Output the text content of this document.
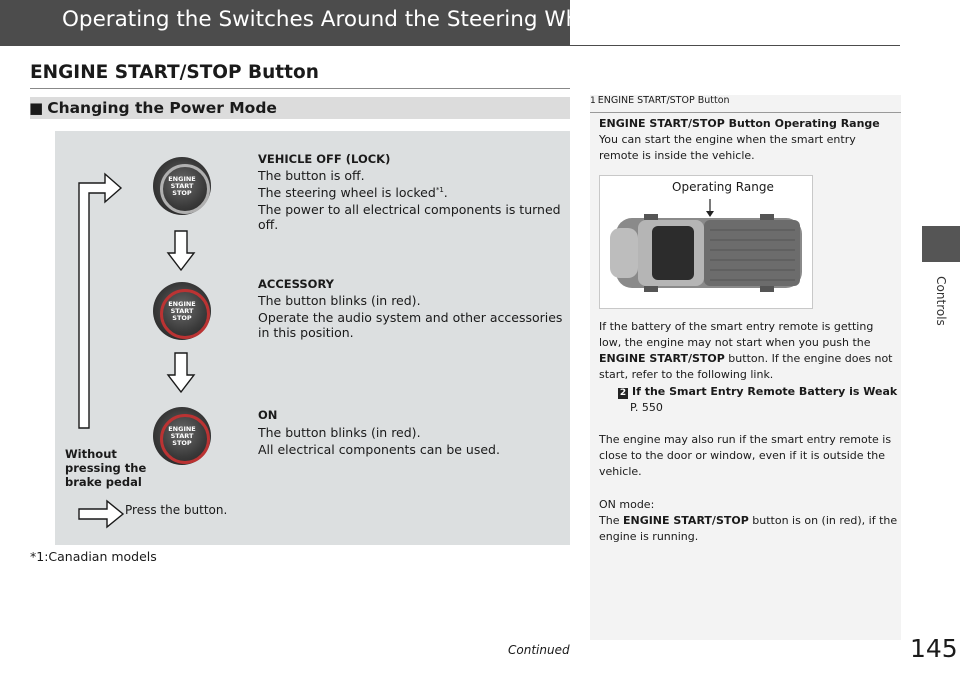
Operating the Switches Around the Steering Wheel
Controls
ENGINE START/STOP Button
■ Changing the Power Mode
ENGINE
START
STOP
ENGINE
START
STOP
ENGINE
START
STOP
VEHICLE OFF (LOCK)
The button is off.
The steering wheel is locked$^{*1}$.
The power to all electrical components is turned
off.
ACCESSORY
The button blinks (in red).
Operate the audio system and other accessories
in this position.
ON
The button blinks (in red).
All electrical components can be used.
Without
pressing the
brake pedal
Press the button.
*1:Canadian models
1 ENGINE START/STOP Button
ENGINE START/STOP Button Operating Range
You can start the engine when the smart entry
remote is inside the vehicle.
Operating Range
If the battery of the smart entry remote is getting
low, the engine may not start when you push the
ENGINE START/STOP button. If the engine does not
start, refer to the following link.
2 If the Smart Entry Remote Battery is Weak
P. 550
The engine may also run if the smart entry remote is
close to the door or window, even if it is outside the
vehicle.
ON mode:
The ENGINE START/STOP button is on (in red), if the
engine is running.
Continued	145
